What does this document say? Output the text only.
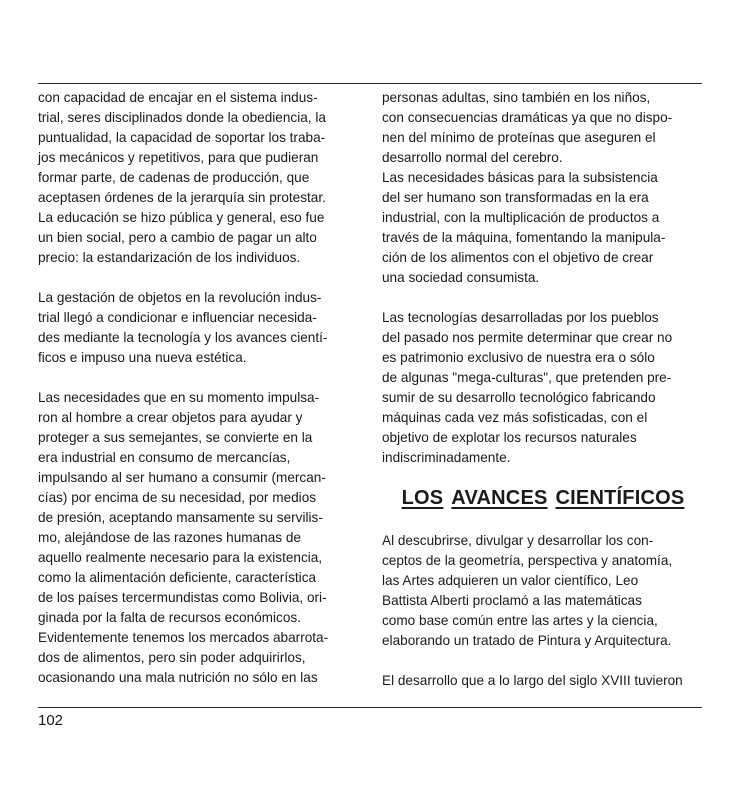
con capacidad de encajar en el sistema indus-
trial, seres disciplinados donde la obediencia, la
puntualidad, la capacidad de soportar los traba-
jos mecánicos y repetitivos, para que pudieran
formar parte, de cadenas de producción, que
aceptasen órdenes de la jerarquía sin protestar.
La educación se hizo pública y general, eso fue
un bien social, pero a cambio de pagar un alto
precio: la estandarización de los individuos.
La gestación de objetos en la revolución indus-
trial llegó a condicionar e influenciar necesida-
des mediante la tecnología y los avances cientí-
ficos e impuso una nueva estética.
Las necesidades que en su momento impulsa-
ron al hombre a crear objetos para ayudar y
proteger a sus semejantes, se convierte en la
era industrial en consumo de mercancías,
impulsando al ser humano a consumir (mercan-
cías) por encima de su necesidad, por medios
de presión, aceptando mansamente su servilis-
mo, alejándose de las razones humanas de
aquello realmente necesario para la existencia,
como la alimentación deficiente, característica
de los países tercermundistas como Bolivia, ori-
ginada por la falta de recursos económicos.
Evidentemente tenemos los mercados abarrota-
dos de alimentos, pero sin poder adquirirlos,
ocasionando una mala nutrición no sólo en las
personas adultas, sino también en los niños,
con consecuencias dramáticas ya que no dispo-
nen del mínimo de proteínas que aseguren el
desarrollo normal del cerebro.
Las necesidades básicas para la subsistencia
del ser humano son transformadas en la era
industrial, con la multiplicación de productos a
través de la máquina, fomentando la manipula-
ción de los alimentos con el objetivo de crear
una sociedad consumista.
Las tecnologías desarrolladas por los pueblos
del pasado nos permite determinar que crear no
es patrimonio exclusivo de nuestra era o sólo
de algunas "mega-culturas", que pretenden pre-
sumir de su desarrollo tecnológico fabricando
máquinas cada vez más sofisticadas, con el
objetivo de explotar los recursos naturales
indiscriminadamente.
LOS AVANCES CIENTÍFICOS
Al descubrirse, divulgar y desarrollar los con-
ceptos de la geometría, perspectiva y anatomía,
las Artes adquieren un valor científico, Leo
Battista Alberti proclamó a las matemáticas
como base común entre las artes y la ciencia,
elaborando un tratado de Pintura y Arquitectura.
El desarrollo que a lo largo del siglo XVIII tuvieron
102
